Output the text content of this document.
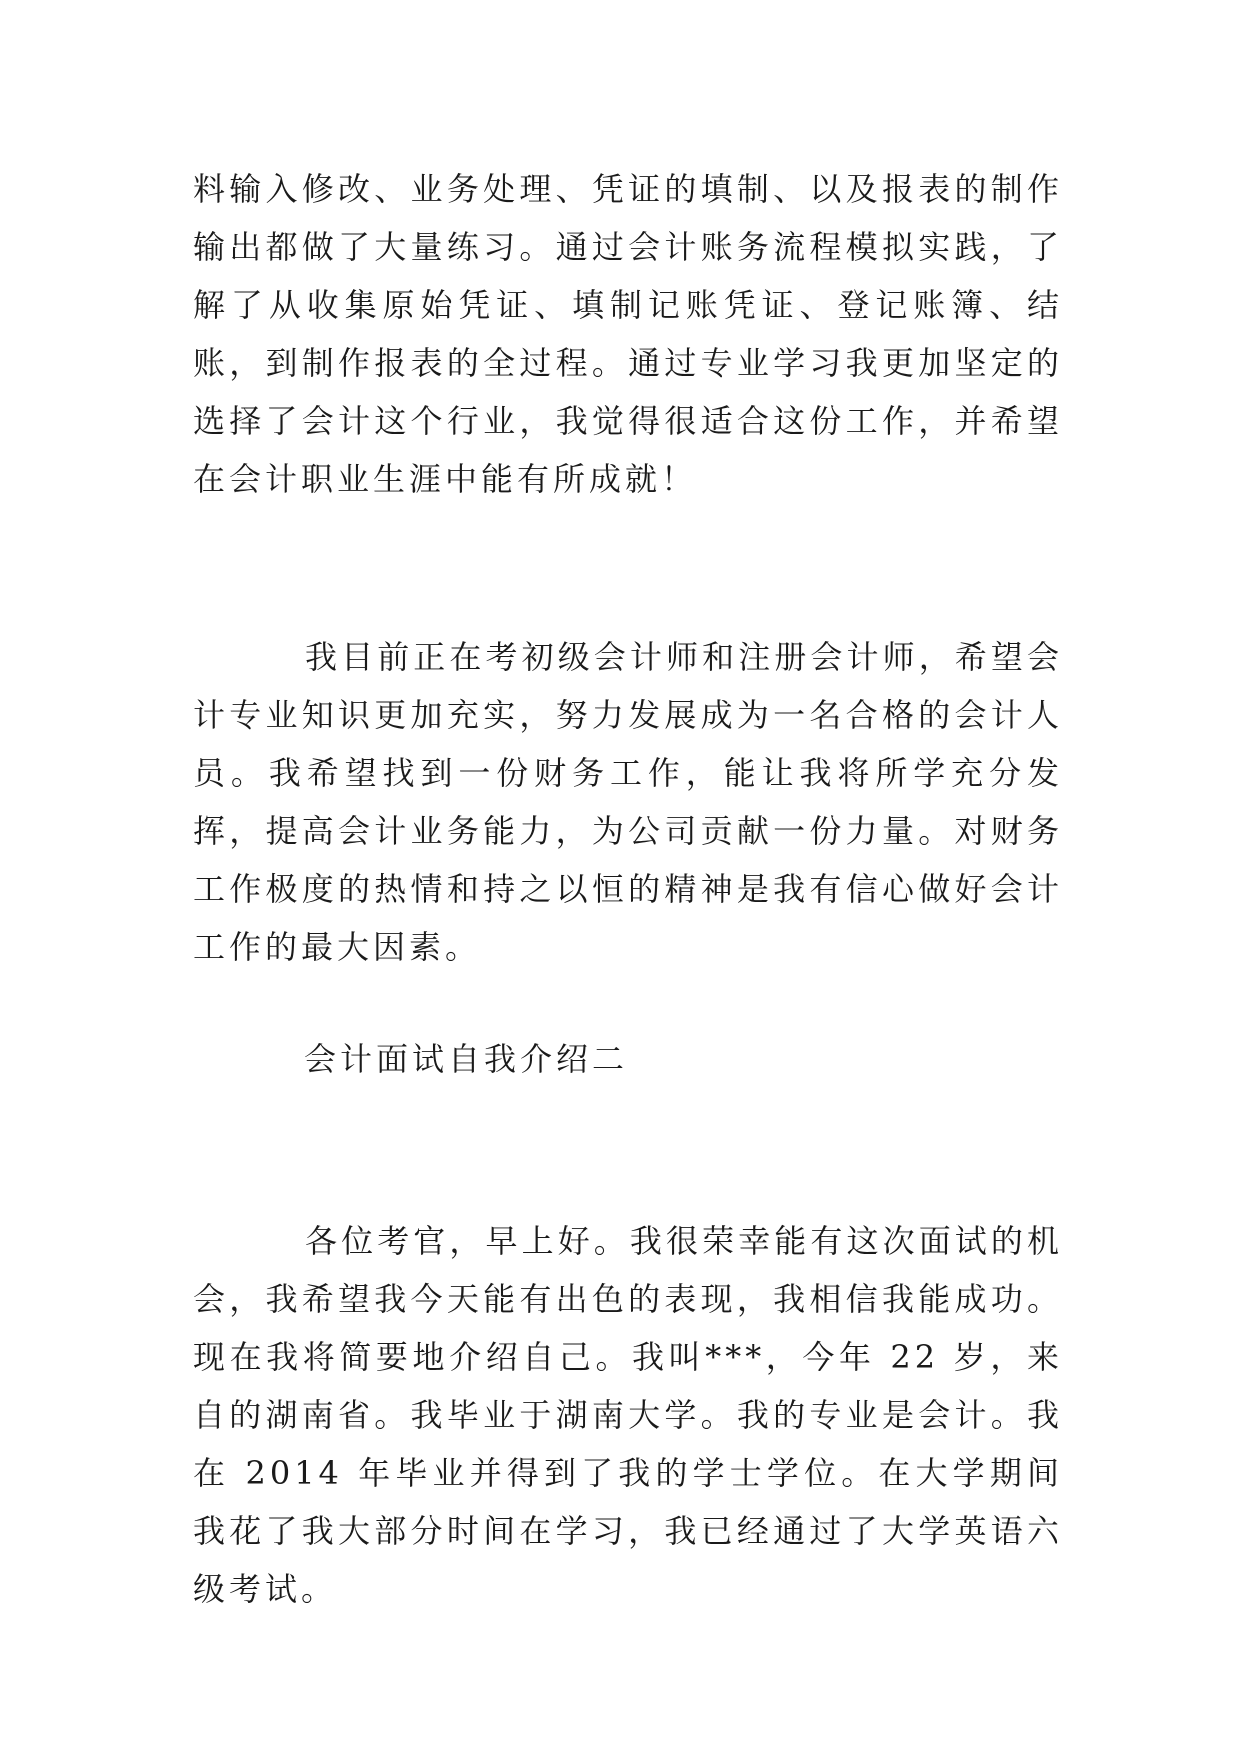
料输入修改、业务处理、凭证的填制、以及报表的制作输出都做了大量练习。通过会计账务流程模拟实践，了解了从收集原始凭证、填制记账凭证、登记账簿、结账，到制作报表的全过程。通过专业学习我更加坚定的选择了会计这个行业，我觉得很适合这份工作，并希望在会计职业生涯中能有所成就！

我目前正在考初级会计师和注册会计师，希望会计专业知识更加充实，努力发展成为一名合格的会计人员。我希望找到一份财务工作，能让我将所学充分发挥，提高会计业务能力，为公司贡献一份力量。对财务工作极度的热情和持之以恒的精神是我有信心做好会计工作的最大因素。

会计面试自我介绍二

各位考官，早上好。我很荣幸能有这次面试的机会，我希望我今天能有出色的表现，我相信我能成功。现在我将简要地介绍自己。我叫***，今年 22 岁，来自的湖南省。我毕业于湖南大学。我的专业是会计。我在 2014 年毕业并得到了我的学士学位。在大学期间我花了我大部分时间在学习，我已经通过了大学英语六级考试。
